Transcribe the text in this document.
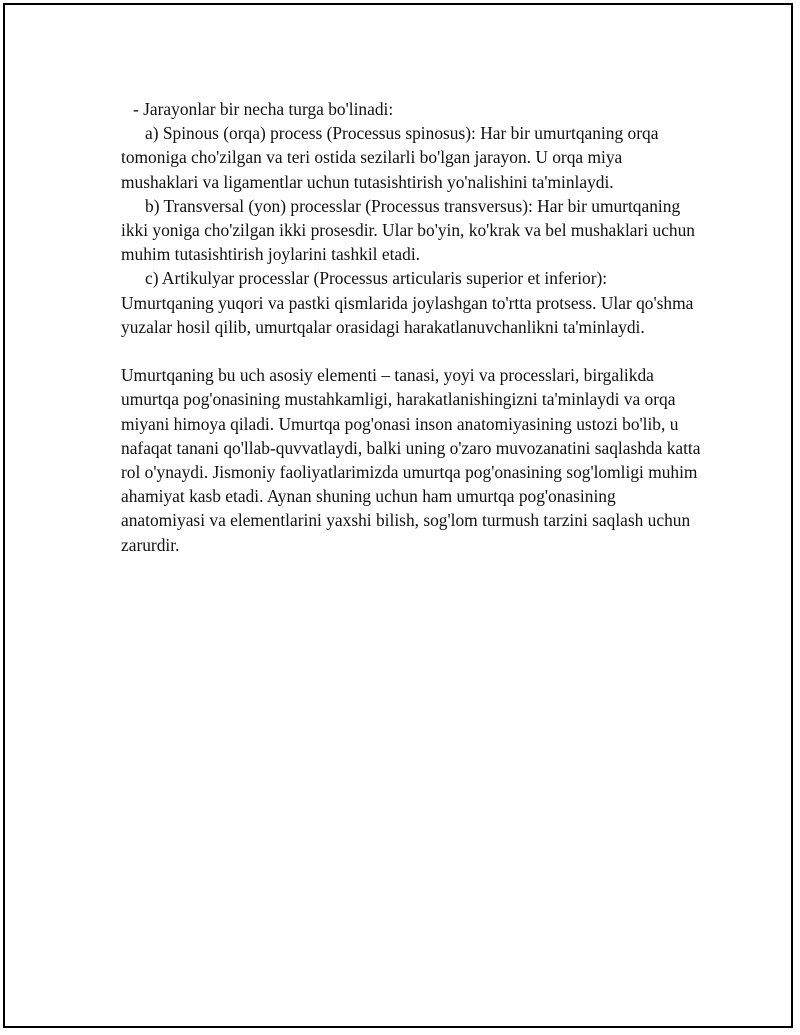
- Jarayonlar bir necha turga bo'linadi:

a) Spinous (orqa) process (Processus spinosus): Har bir umurtqaning orqa tomoniga cho'zilgan va teri ostida sezilarli bo'lgan jarayon. U orqa miya mushaklari va ligamentlar uchun tutasishtirish yo'nalishini ta'minlaydi.

b) Transversal (yon) processlar (Processus transversus): Har bir umurtqaning ikki yoniga cho'zilgan ikki prosesdir. Ular bo'yin, ko'krak va bel mushaklari uchun muhim tutasishtirish joylarini tashkil etadi.

c) Artikulyar processlar (Processus articularis superior et inferior): Umurtqaning yuqori va pastki qismlarida joylashgan to'rtta protsess. Ular qo'shma yuzalar hosil qilib, umurtqalar orasidagi harakatlanuvchanlikni ta'minlaydi.

Umurtqaning bu uch asosiy elementi – tanasi, yoyi va processlari, birgalikda umurtqa pog'onasining mustahkamligi, harakatlanishingizni ta'minlaydi va orqa miyani himoya qiladi. Umurtqa pog'onasi inson anatomiyasining ustozi bo'lib, u nafaqat tanani qo'llab-quvvatlaydi, balki uning o'zaro muvozanatini saqlashda katta rol o'ynaydi. Jismoniy faoliyatlarimizda umurtqa pog'onasining sog'lomligi muhim ahamiyat kasb etadi. Aynan shuning uchun ham umurtqa pog'onasining anatomiyasi va elementlarini yaxshi bilish, sog'lom turmush tarzini saqlash uchun zarurdir.
